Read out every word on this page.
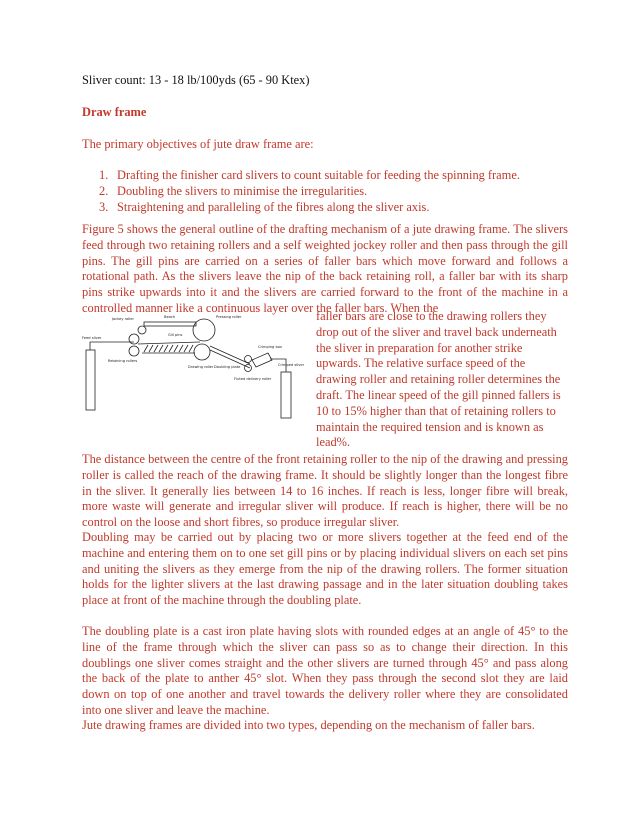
Sliver count: 13 - 18 lb/100yds (65 - 90 Ktex)

Draw frame

The primary objectives of jute draw frame are:

1. Drafting the finisher card slivers to count suitable for feeding the spinning frame.
2. Doubling the slivers to minimise the irregularities.
3. Straightening and paralleling of the fibres along the sliver axis.

Figure 5 shows the general outline of the drafting mechanism of a jute drawing frame. The slivers feed through two retaining rollers and a self weighted jockey roller and then pass through the gill pins. The gill pins are carried on a series of faller bars which move forward and follows a rotational path. As the slivers leave the nip of the back retaining roll, a faller bar with its sharp pins strike upwards into it and the slivers are carried forward to the front of the machine in a controlled manner like a continuous layer over the faller bars. When the

Feed sliver
Jockey roller
Retaining rollers
Beach
Gill pins
Pressing roller
Drawing roller Doubling plate
Fluted delivery roller
Crimping box
Crimped sliver

faller bars are close to the drawing rollers they drop out of the sliver and travel back underneath the sliver in preparation for another strike upwards. The relative surface speed of the drawing roller and retaining roller determines the draft. The linear speed of the gill pinned fallers is 10 to 15% higher than that of retaining rollers to maintain the required tension and is known as lead%.

The distance between the centre of the front retaining roller to the nip of the drawing and pressing roller is called the reach of the drawing frame. It should be slightly longer than the longest fibre in the sliver. It generally lies between 14 to 16 inches. If reach is less, longer fibre will break, more waste will generate and irregular sliver will produce. If reach is higher, there will be no control on the loose and short fibres, so produce irregular sliver.

Doubling may be carried out by placing two or more slivers together at the feed end of the machine and entering them on to one set gill pins or by placing individual slivers on each set pins and uniting the slivers as they emerge from the nip of the drawing rollers. The former situation holds for the lighter slivers at the last drawing passage and in the later situation doubling takes place at front of the machine through the doubling plate.

The doubling plate is a cast iron plate having slots with rounded edges at an angle of 45° to the line of the frame through which the sliver can pass so as to change their direction. In this doublings one sliver comes straight and the other slivers are turned through 45° and pass along the back of the plate to anther 45° slot. When they pass through the second slot they are laid down on top of one another and travel towards the delivery roller where they are consolidated into one sliver and leave the machine.

Jute drawing frames are divided into two types, depending on the mechanism of faller bars.
